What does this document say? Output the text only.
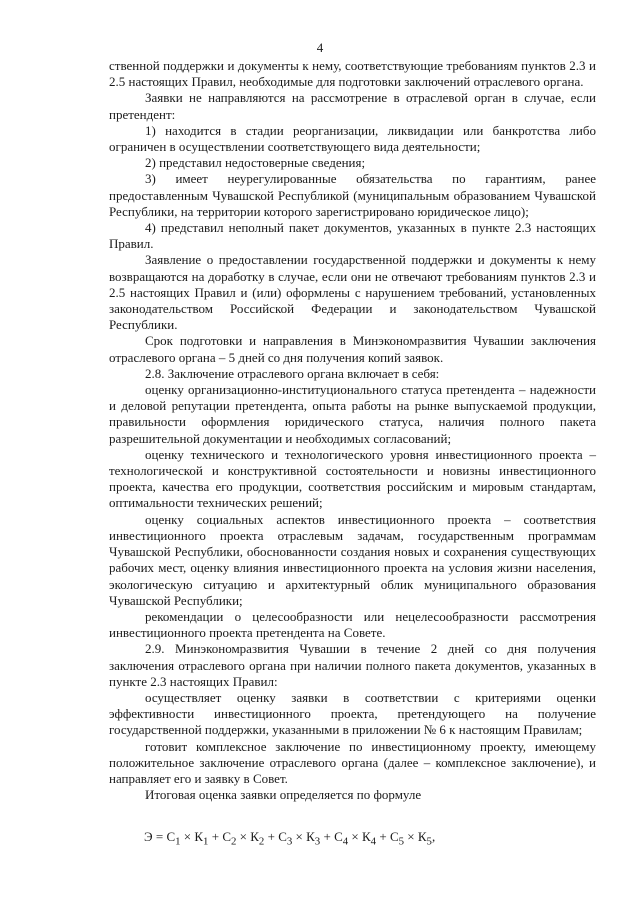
4

ственной поддержки и документы к нему, соответствующие требованиям пунктов 2.3 и 2.5 настоящих Правил, необходимые для подготовки заключений отраслевого органа.

Заявки не направляются на рассмотрение в отраслевой орган в случае, если претендент:

1) находится в стадии реорганизации, ликвидации или банкротства либо ограничен в осуществлении соответствующего вида деятельности;

2) представил недостоверные сведения;

3) имеет неурегулированные обязательства по гарантиям, ранее предоставленным Чувашской Республикой (муниципальным образованием Чувашской Республики, на территории которого зарегистрировано юридическое лицо);

4) представил неполный пакет документов, указанных в пункте 2.3 настоящих Правил.

Заявление о предоставлении государственной поддержки и документы к нему возвращаются на доработку в случае, если они не отвечают требованиям пунктов 2.3 и 2.5 настоящих Правил и (или) оформлены с нарушением требований, установленных законодательством Российской Федерации и законодательством Чувашской Республики.

Срок подготовки и направления в Минэкономразвития Чувашии заключения отраслевого органа – 5 дней со дня получения копий заявок.

2.8. Заключение отраслевого органа включает в себя:

оценку организационно-институционального статуса претендента – надежности и деловой репутации претендента, опыта работы на рынке выпускаемой продукции, правильности оформления юридического статуса, наличия полного пакета разрешительной документации и необходимых согласований;

оценку технического и технологического уровня инвестиционного проекта – технологической и конструктивной состоятельности и новизны инвестиционного проекта, качества его продукции, соответствия российским и мировым стандартам, оптимальности технических решений;

оценку социальных аспектов инвестиционного проекта – соответствия инвестиционного проекта отраслевым задачам, государственным программам Чувашской Республики, обоснованности создания новых и сохранения существующих рабочих мест, оценку влияния инвестиционного проекта на условия жизни населения, экологическую ситуацию и архитектурный облик муниципального образования Чувашской Республики;

рекомендации о целесообразности или нецелесообразности рассмотрения инвестиционного проекта претендента на Совете.

2.9. Минэкономразвития Чувашии в течение 2 дней со дня получения заключения отраслевого органа при наличии полного пакета документов, указанных в пункте 2.3 настоящих Правил:

осуществляет оценку заявки в соответствии с критериями оценки эффективности инвестиционного проекта, претендующего на получение государственной поддержки, указанными в приложении № 6 к настоящим Правилам;

готовит комплексное заключение по инвестиционному проекту, имеющему положительное заключение отраслевого органа (далее – комплексное заключение), и направляет его и заявку в Совет.

Итоговая оценка заявки определяется по формуле

$Э = С_1 \times К_1 + С_2 \times К_2 + С_3 \times К_3 + С_4 \times К_4 + С_5 \times К_5$,
